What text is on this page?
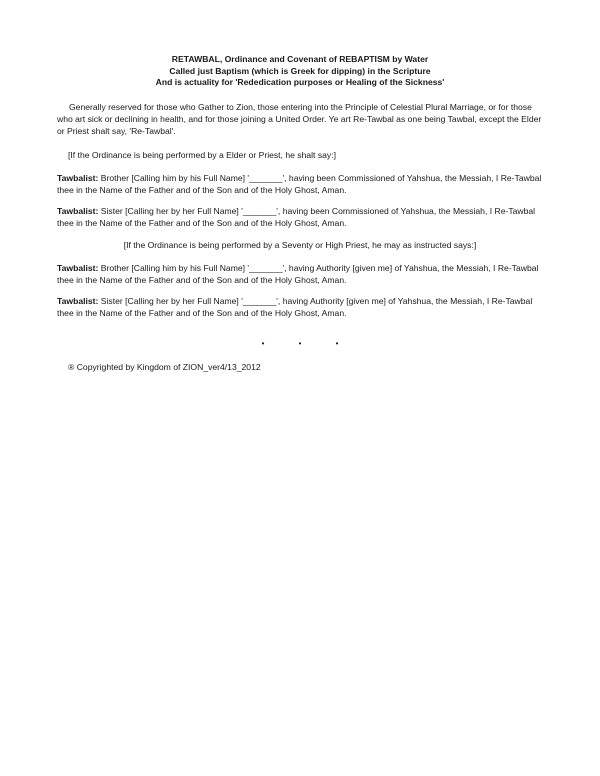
RETAWBAL, Ordinance and Covenant of REBAPTISM by Water
Called just Baptism (which is Greek for dipping) in the Scripture
And is actuality for 'Rededication purposes or Healing of the Sickness'

Generally reserved for those who Gather to Zion, those entering into the Principle of Celestial Plural Marriage, or for those who art sick or declining in health, and for those joining a United Order. Ye art Re-Tawbal as one being Tawbal, except the Elder or Priest shalt say, 'Re-Tawbal'.

[If the Ordinance is being performed by a Elder or Priest, he shalt say:]

Tawbalist: Brother [Calling him by his Full Name] '_______', having been Commissioned of Yahshua, the Messiah, I Re-Tawbal thee in the Name of the Father and of the Son and of the Holy Ghost, Aman.

Tawbalist: Sister [Calling her by her Full Name] '_______', having been Commissioned of Yahshua, the Messiah, I Re-Tawbal thee in the Name of the Father and of the Son and of the Holy Ghost, Aman.

[If the Ordinance is being performed by a Seventy or High Priest, he may as instructed says:]

Tawbalist: Brother [Calling him by his Full Name] '_______', having Authority [given me] of Yahshua, the Messiah, I Re-Tawbal thee in the Name of the Father and of the Son and of the Holy Ghost, Aman.

Tawbalist: Sister [Calling her by her Full Name] '_______', having Authority [given me] of Yahshua, the Messiah, I Re-Tawbal thee in the Name of the Father and of the Son and of the Holy Ghost, Aman.

• • •
® Copyrighted by Kingdom of ZION_ver4/13_2012
